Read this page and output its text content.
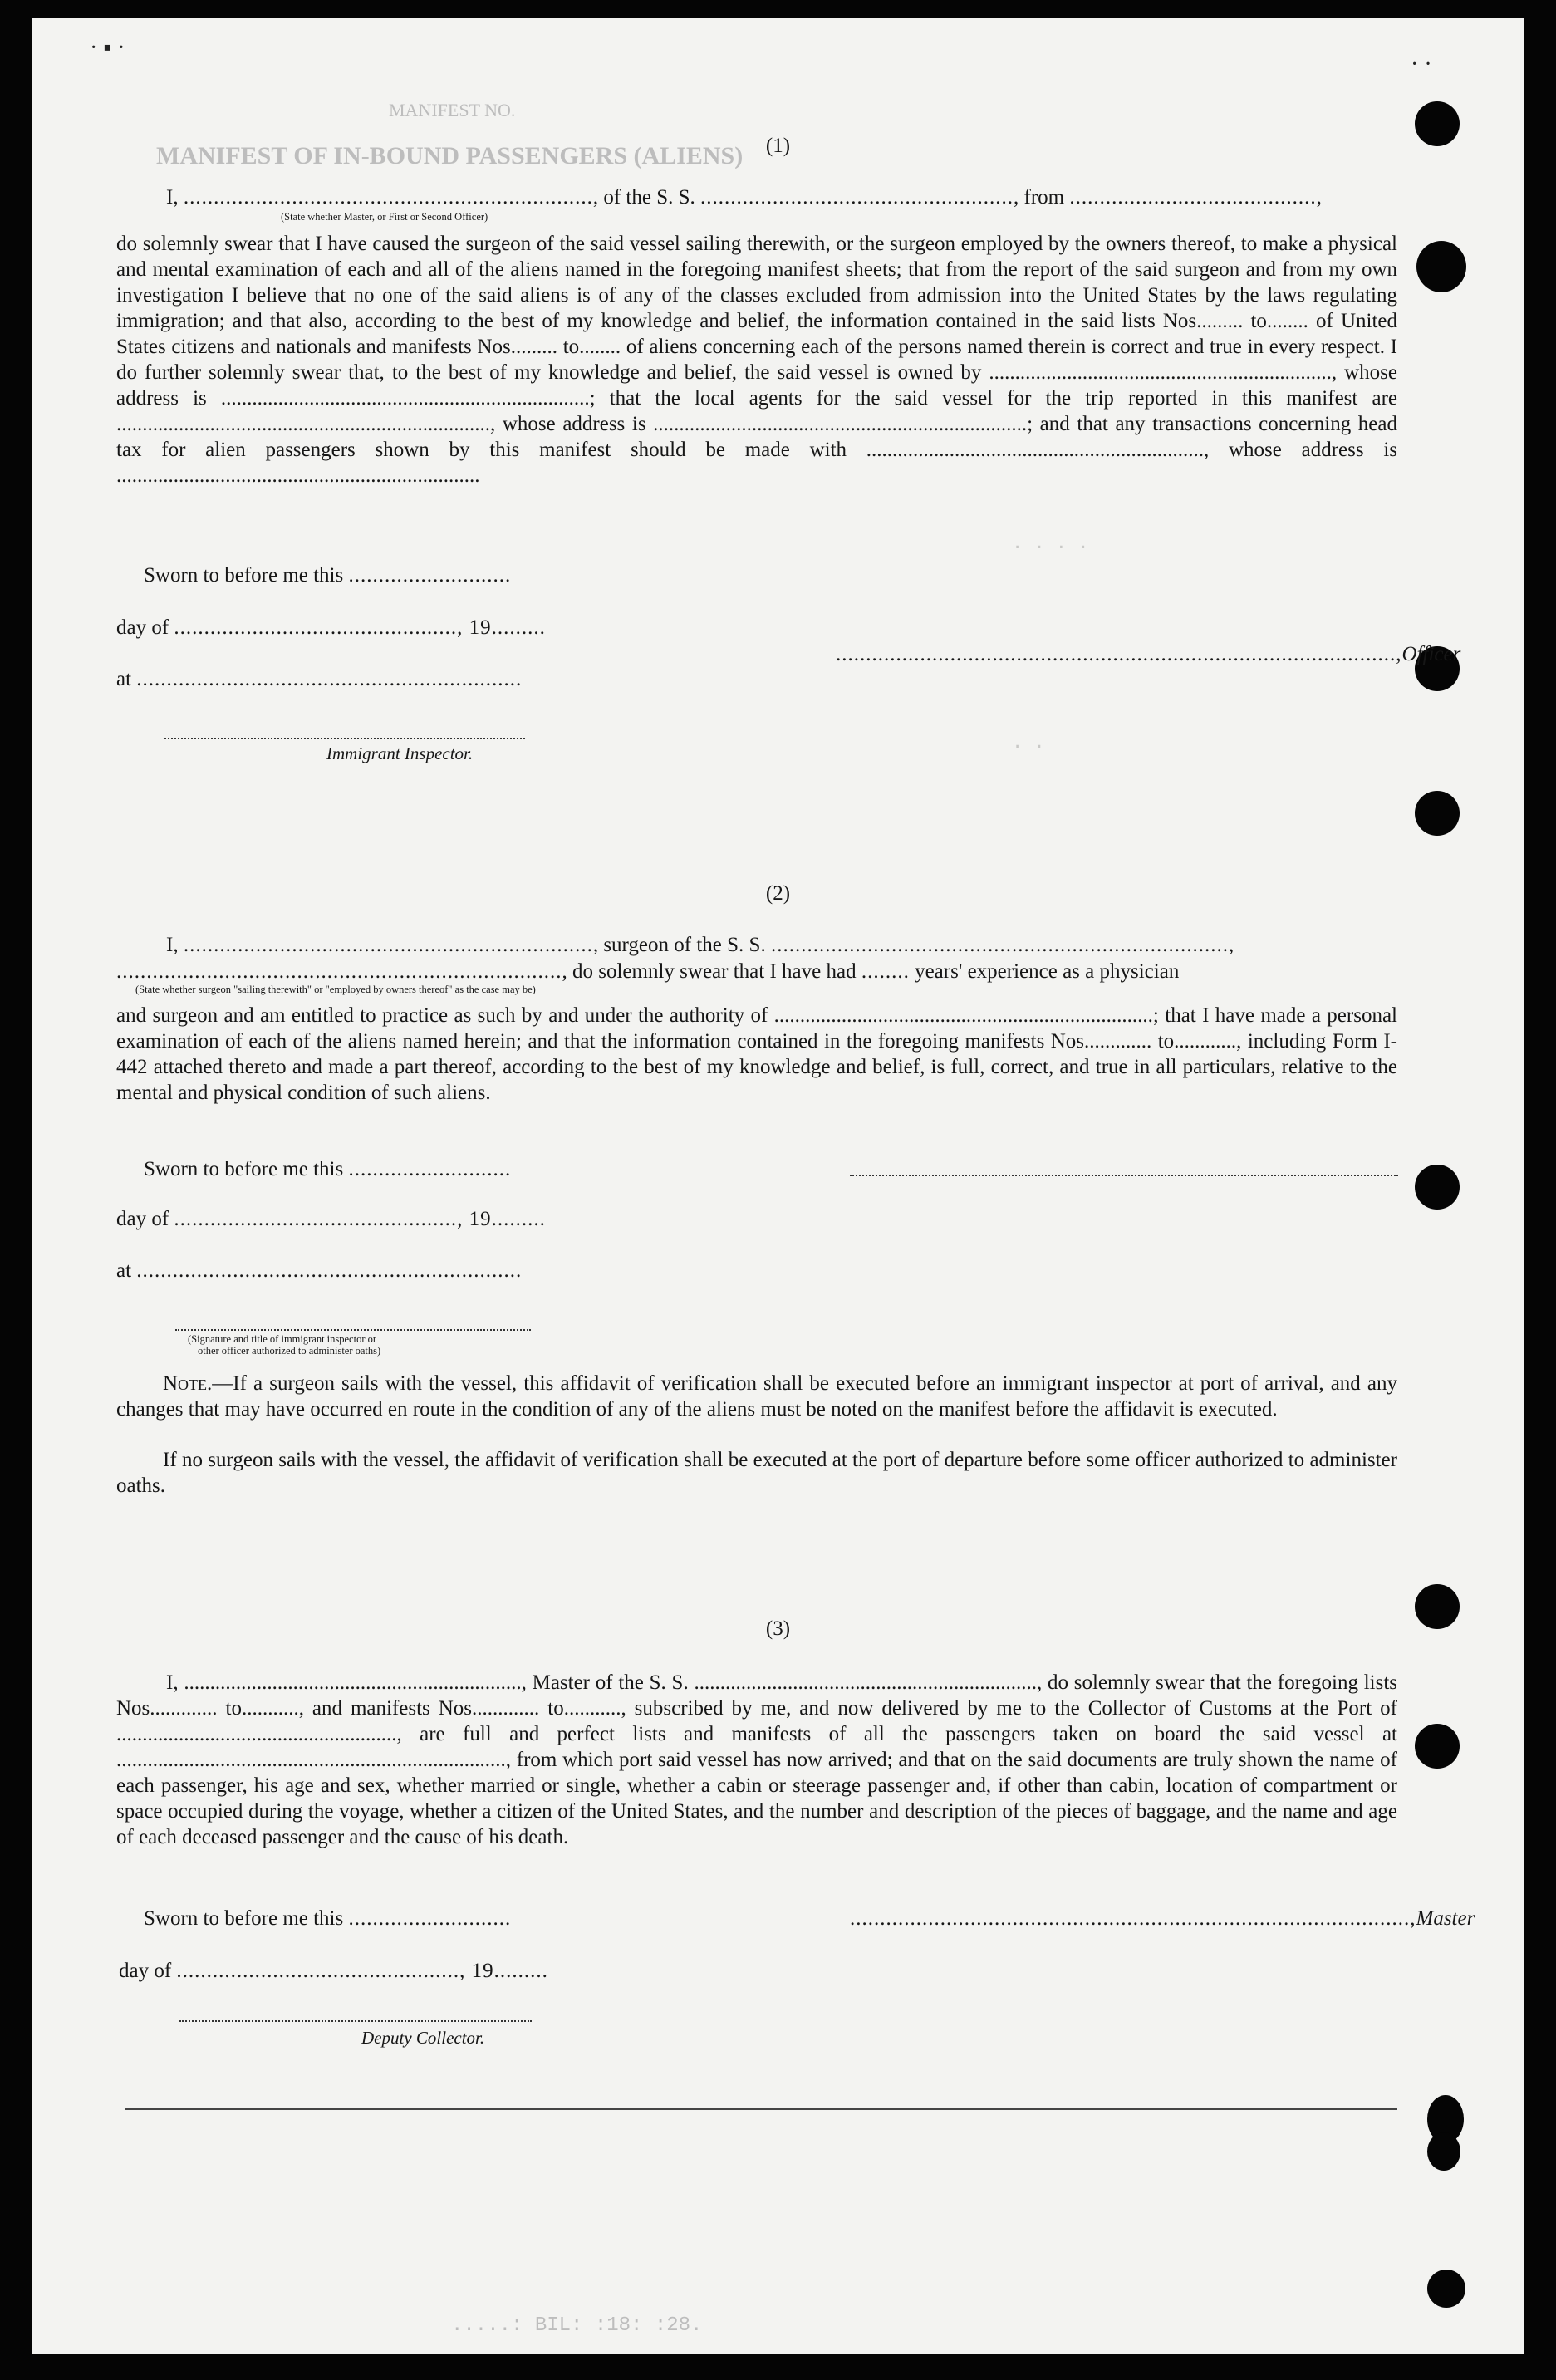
· ▪ ·
· ·
MANIFEST NO.
MANIFEST OF IN-BOUND PASSENGERS (ALIENS)
. . . .
. .
(1)
I, ...................................................................., of the S. S. ...................................................., from .........................................,
(State whether Master, or First or Second Officer)
do solemnly swear that I have caused the surgeon of the said vessel sailing therewith, or the surgeon employed by the owners thereof, to make a physical and mental examination of each and all of the aliens named in the foregoing manifest sheets; that from the report of the said surgeon and from my own investigation I believe that no one of the said aliens is of any of the classes excluded from admission into the United States by the laws regulating immigration; and that also, according to the best of my knowledge and belief, the information contained in the said lists Nos......... to........ of United States citizens and nationals and manifests Nos......... to........ of aliens concerning each of the persons named therein is correct and true in every respect. I do further solemnly swear that, to the best of my knowledge and belief, the said vessel is owned by .................................................................., whose address is .......................................................................; that the local agents for the said vessel for the trip reported in this manifest are ........................................................................, whose address is ........................................................................; and that any transactions concerning head tax for alien passengers shown by this manifest should be made with ................................................................., whose address is ......................................................................
Sworn to before me this ...........................
day of ..............................................., 19.........
at ................................................................
.............................................................................................,Officer
Immigrant Inspector.
(2)
I, ...................................................................., surgeon of the S. S. ............................................................................,
.........................................................................., do solemnly swear that I have had ........ years' experience as a physician
(State whether surgeon "sailing therewith" or "employed by owners thereof" as the case may be)
and surgeon and am entitled to practice as such by and under the authority of .........................................................................; that I have made a personal examination of each of the aliens named herein; and that the information contained in the foregoing manifests Nos............. to............, including Form I-442 attached thereto and made a part thereof, according to the best of my knowledge and belief, is full, correct, and true in all particulars, relative to the mental and physical condition of such aliens.
Sworn to before me this ...........................
day of ..............................................., 19.........
at ................................................................
(Signature and title of immigrant inspector or
other officer authorized to administer oaths)
Note.—If a surgeon sails with the vessel, this affidavit of verification shall be executed before an immigrant inspector at port of arrival, and any changes that may have occurred en route in the condition of any of the aliens must be noted on the manifest before the affidavit is executed.
If no surgeon sails with the vessel, the affidavit of verification shall be executed at the port of departure before some officer authorized to administer oaths.
(3)
I, ................................................................., Master of the S. S. .................................................................., do solemnly swear that the foregoing lists Nos............. to..........., and manifests Nos............. to..........., subscribed by me, and now delivered by me to the Collector of Customs at the Port of ......................................................, are full and perfect lists and manifests of all the passengers taken on board the said vessel at ..........................................................................., from which port said vessel has now arrived; and that on the said documents are truly shown the name of each passenger, his age and sex, whether married or single, whether a cabin or steerage passenger and, if other than cabin, location of compartment or space occupied during the voyage, whether a citizen of the United States, and the number and description of the pieces of baggage, and the name and age of each deceased passenger and the cause of his death.
Sworn to before me this ...........................	.............................................................................................,Master
day of ..............................................., 19.........
Deputy Collector.
.....: BIL: :18: :28.
